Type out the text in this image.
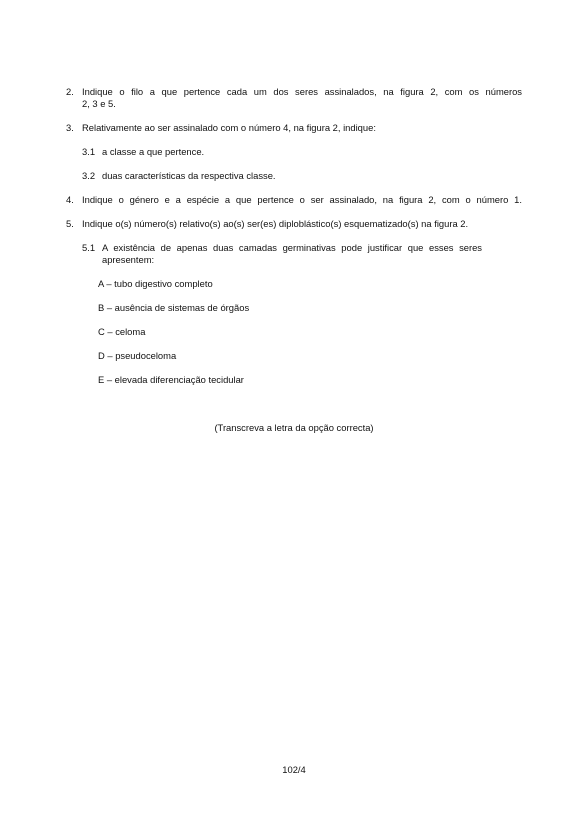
2. Indique o filo a que pertence cada um dos seres assinalados, na figura 2, com os números
2, 3 e 5.
3. Relativamente ao ser assinalado com o número 4, na figura 2, indique:
3.1 a classe a que pertence.
3.2 duas características da respectiva classe.
4. Indique o género e a espécie a que pertence o ser assinalado, na figura 2, com o número 1.
5. Indique o(s) número(s) relativo(s) ao(s) ser(es) diploblástico(s) esquematizado(s) na figura 2.
5.1 A existência de apenas duas camadas germinativas pode justificar que esses seres
apresentem:
A – tubo digestivo completo
B – ausência de sistemas de órgãos
C – celoma
D – pseudoceloma
E – elevada diferenciação tecidular
(Transcreva a letra da opção correcta)
102/4
